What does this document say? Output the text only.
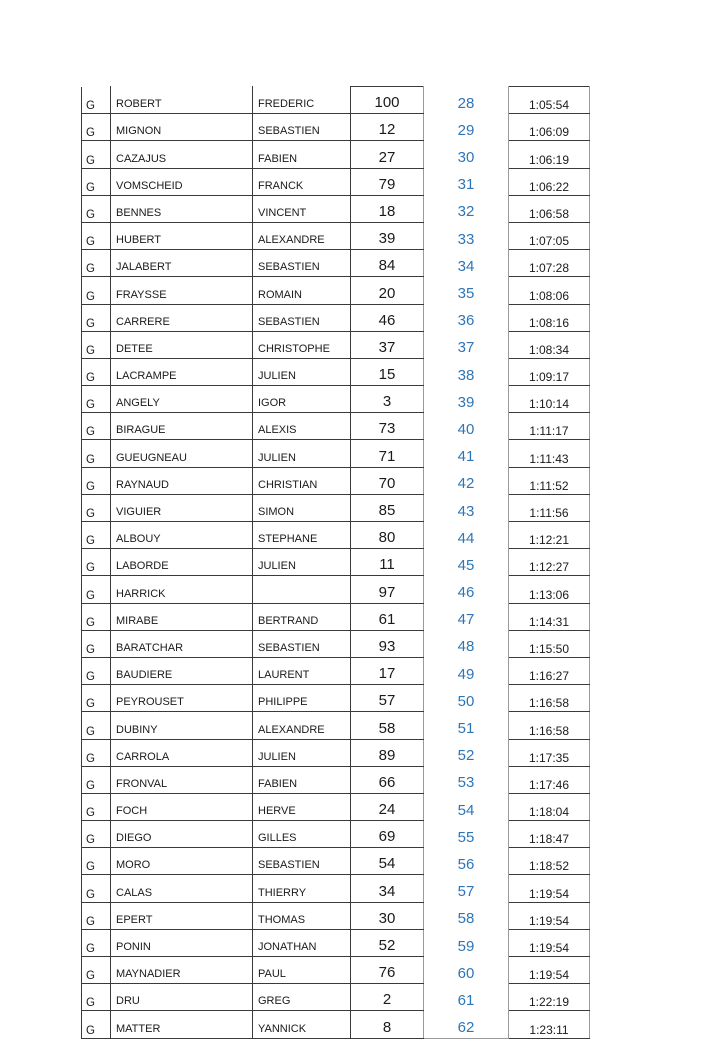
G	ROBERT	FREDERIC	100	28	1:05:54
G	MIGNON	SEBASTIEN	12	29	1:06:09
G	CAZAJUS	FABIEN	27	30	1:06:19
G	VOMSCHEID	FRANCK	79	31	1:06:22
G	BENNES	VINCENT	18	32	1:06:58
G	HUBERT	ALEXANDRE	39	33	1:07:05
G	JALABERT	SEBASTIEN	84	34	1:07:28
G	FRAYSSE	ROMAIN	20	35	1:08:06
G	CARRERE	SEBASTIEN	46	36	1:08:16
G	DETEE	CHRISTOPHE	37	37	1:08:34
G	LACRAMPE	JULIEN	15	38	1:09:17
G	ANGELY	IGOR	3	39	1:10:14
G	BIRAGUE	ALEXIS	73	40	1:11:17
G	GUEUGNEAU	JULIEN	71	41	1:11:43
G	RAYNAUD	CHRISTIAN	70	42	1:11:52
G	VIGUIER	SIMON	85	43	1:11:56
G	ALBOUY	STEPHANE	80	44	1:12:21
G	LABORDE	JULIEN	11	45	1:12:27
G	HARRICK		97	46	1:13:06
G	MIRABE	BERTRAND	61	47	1:14:31
G	BARATCHAR	SEBASTIEN	93	48	1:15:50
G	BAUDIERE	LAURENT	17	49	1:16:27
G	PEYROUSET	PHILIPPE	57	50	1:16:58
G	DUBINY	ALEXANDRE	58	51	1:16:58
G	CARROLA	JULIEN	89	52	1:17:35
G	FRONVAL	FABIEN	66	53	1:17:46
G	FOCH	HERVE	24	54	1:18:04
G	DIEGO	GILLES	69	55	1:18:47
G	MORO	SEBASTIEN	54	56	1:18:52
G	CALAS	THIERRY	34	57	1:19:54
G	EPERT	THOMAS	30	58	1:19:54
G	PONIN	JONATHAN	52	59	1:19:54
G	MAYNADIER	PAUL	76	60	1:19:54
G	DRU	GREG	2	61	1:22:19
G	MATTER	YANNICK	8	62	1:23:11
